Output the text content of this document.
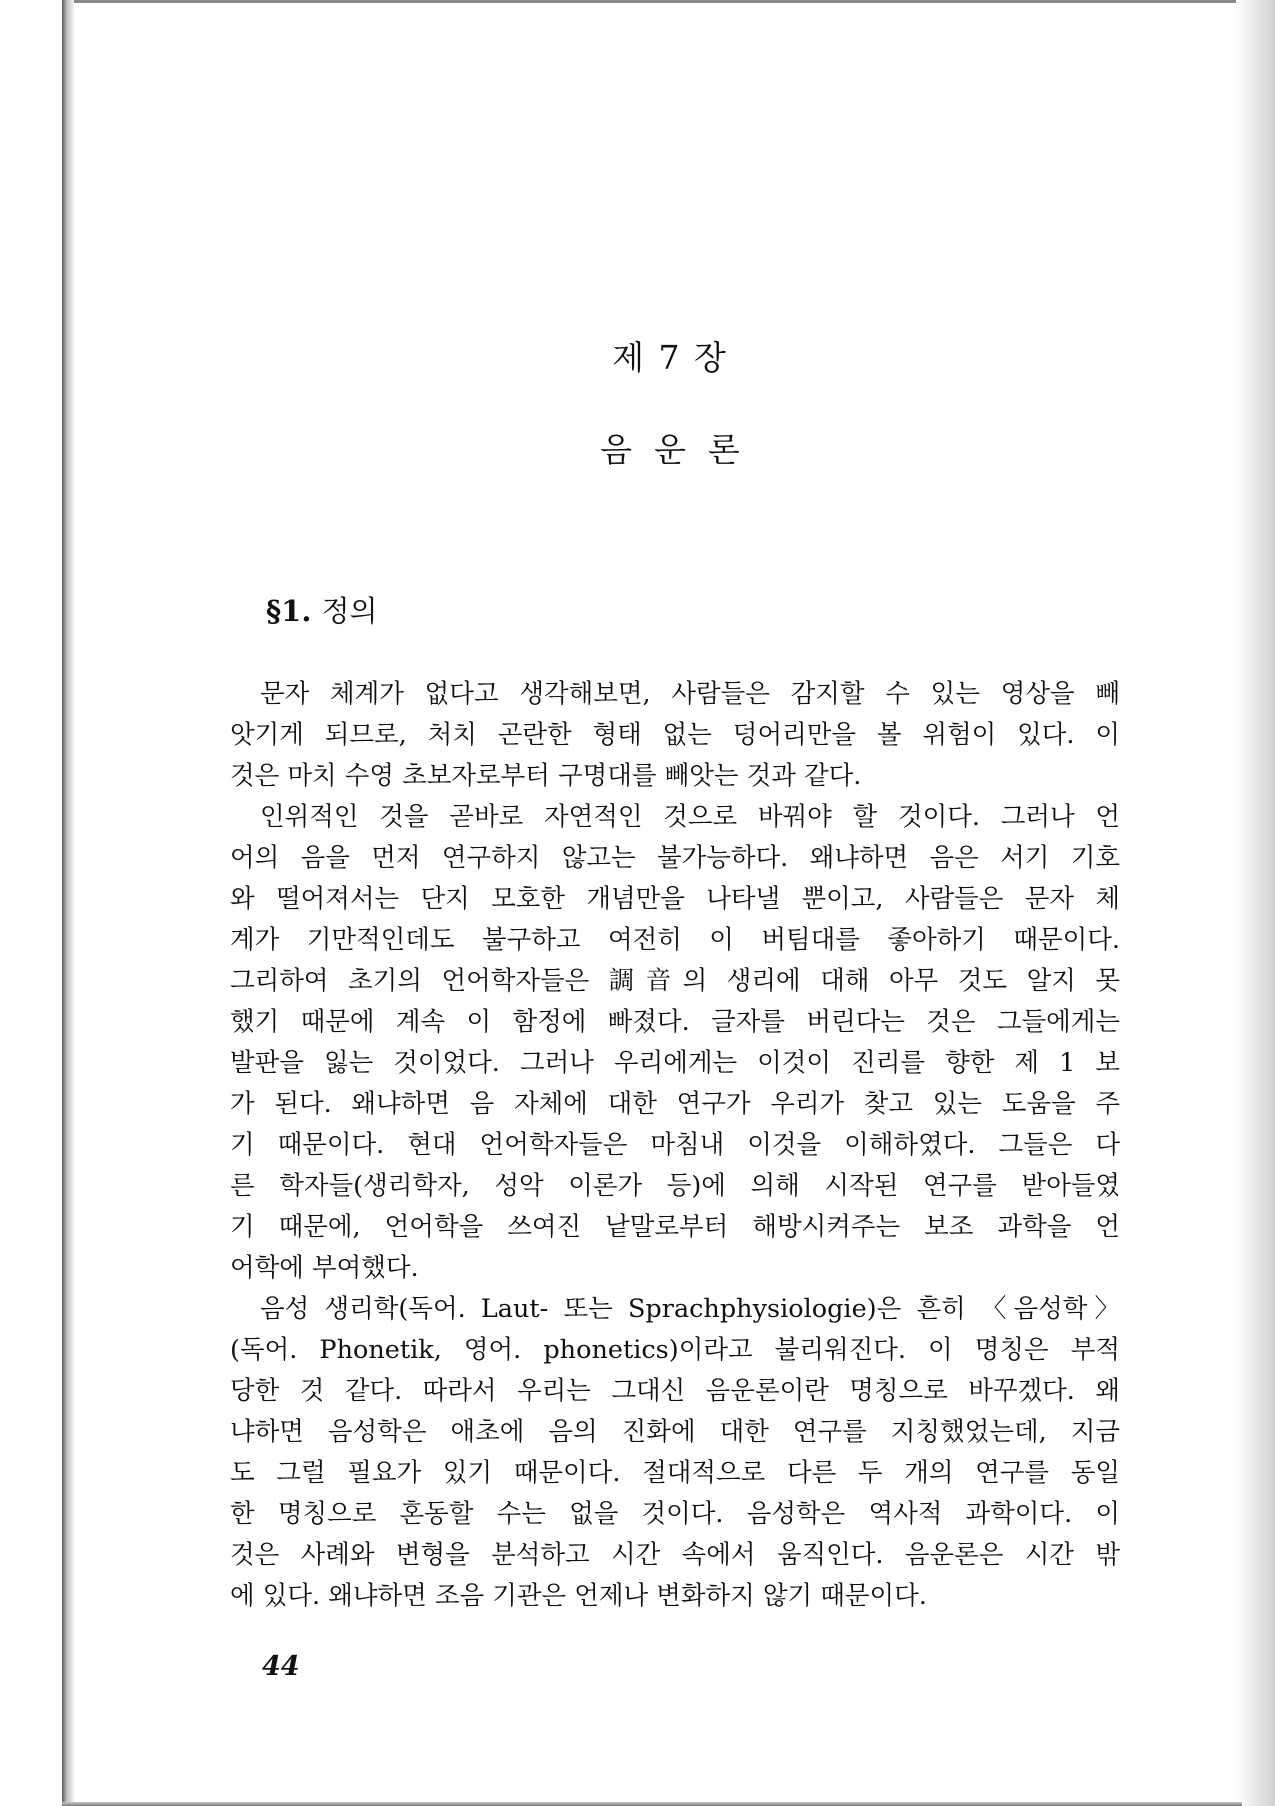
제 7 장
음운론
§1. 정의
문자 체계가 없다고 생각해보면, 사람들은 감지할 수 있는 영상을 빼
앗기게 되므로, 처치 곤란한 형태 없는 덩어리만을 볼 위험이 있다. 이
것은 마치 수영 초보자로부터 구명대를 빼앗는 것과 같다.
인위적인 것을 곧바로 자연적인 것으로 바꿔야 할 것이다. 그러나 언
어의 음을 먼저 연구하지 않고는 불가능하다. 왜냐하면 음은 서기 기호
와 떨어져서는 단지 모호한 개념만을 나타낼 뿐이고, 사람들은 문자 체
계가 기만적인데도 불구하고 여전히 이 버팀대를 좋아하기 때문이다.
그리하여 초기의 언어학자들은 調音의 생리에 대해 아무 것도 알지 못
했기 때문에 계속 이 함정에 빠졌다. 글자를 버린다는 것은 그들에게는
발판을 잃는 것이었다. 그러나 우리에게는 이것이 진리를 향한 제 1 보
가 된다. 왜냐하면 음 자체에 대한 연구가 우리가 찾고 있는 도움을 주
기 때문이다. 현대 언어학자들은 마침내 이것을 이해하였다. 그들은 다
른 학자들(생리학자, 성악 이론가 등)에 의해 시작된 연구를 받아들였
기 때문에, 언어학을 쓰여진 낱말로부터 해방시켜주는 보조 과학을 언
어학에 부여했다.
음성 생리학(독어. Laut- 또는 Sprachphysiologie)은 흔히 〈음성학〉
(독어. Phonetik, 영어. phonetics)이라고 불리워진다. 이 명칭은 부적
당한 것 같다. 따라서 우리는 그대신 음운론이란 명칭으로 바꾸겠다. 왜
냐하면 음성학은 애초에 음의 진화에 대한 연구를 지칭했었는데, 지금
도 그럴 필요가 있기 때문이다. 절대적으로 다른 두 개의 연구를 동일
한 명칭으로 혼동할 수는 없을 것이다. 음성학은 역사적 과학이다. 이
것은 사례와 변형을 분석하고 시간 속에서 움직인다. 음운론은 시간 밖
에 있다. 왜냐하면 조음 기관은 언제나 변화하지 않기 때문이다.
44
